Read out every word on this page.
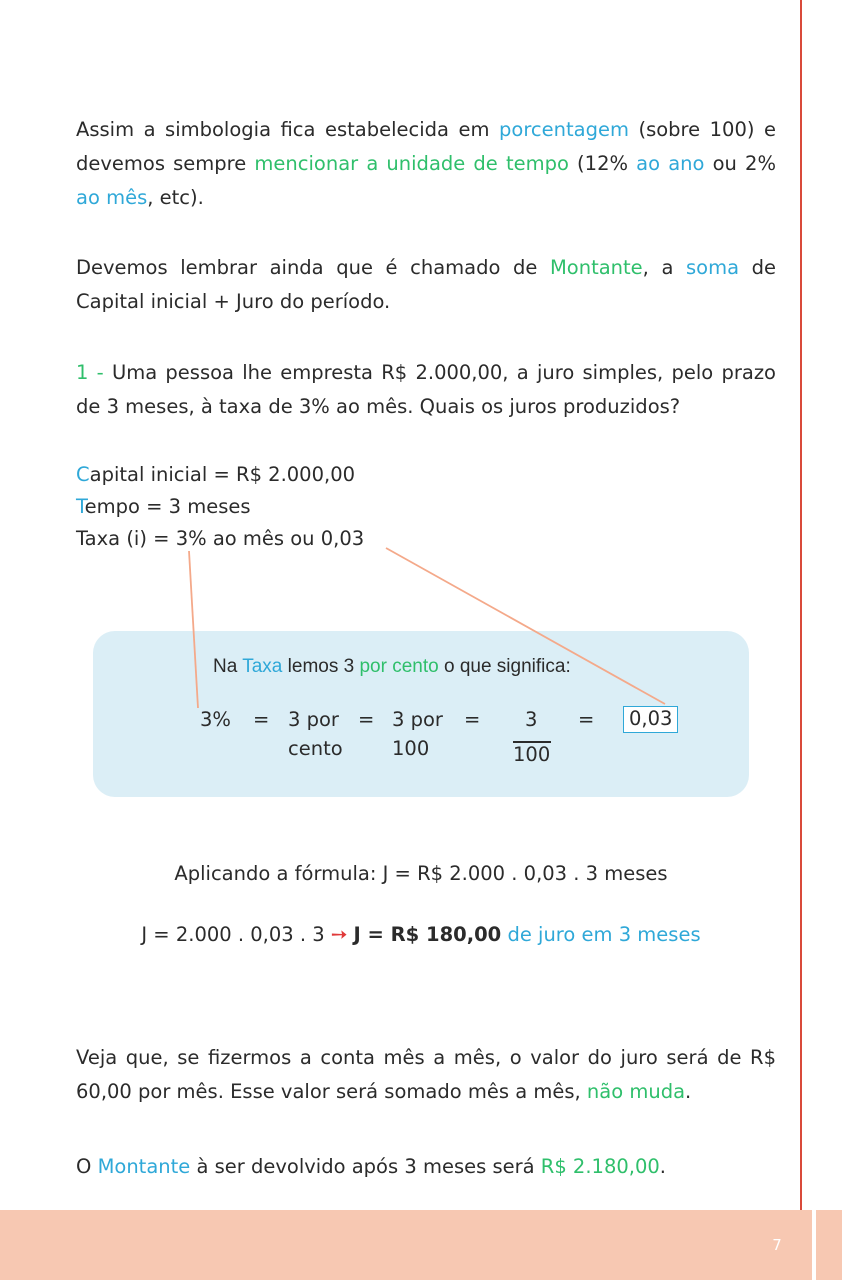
Assim a simbologia fica estabelecida em porcentagem (sobre 100) e devemos sempre mencionar a unidade de tempo (12% ao ano ou 2% ao mês, etc).

Devemos lembrar ainda que é chamado de Montante, a soma de Capital inicial + Juro do período.

1 - Uma pessoa lhe empresta R$ 2.000,00, a juro simples, pelo prazo de 3 meses, à taxa de 3% ao mês. Quais os juros produzidos?

Capital inicial = R$ 2.000,00

Tempo = 3 meses

Taxa (i) = 3% ao mês ou 0,03

Na Taxa lemos 3 por cento o que significa:

3% = 3 por
cento
= 3 por
100
= 3
100
=	0,03

Aplicando a fórmula: J = R$ 2.000 . 0,03 . 3 meses

J = 2.000 . 0,03 . 3 ➙ J = R$ 180,00 de juro em 3 meses

Veja que, se fizermos a conta mês a mês, o valor do juro será de R$ 60,00 por mês. Esse valor será somado mês a mês, não muda.

O Montante à ser devolvido após 3 meses será R$ 2.180,00.

7
